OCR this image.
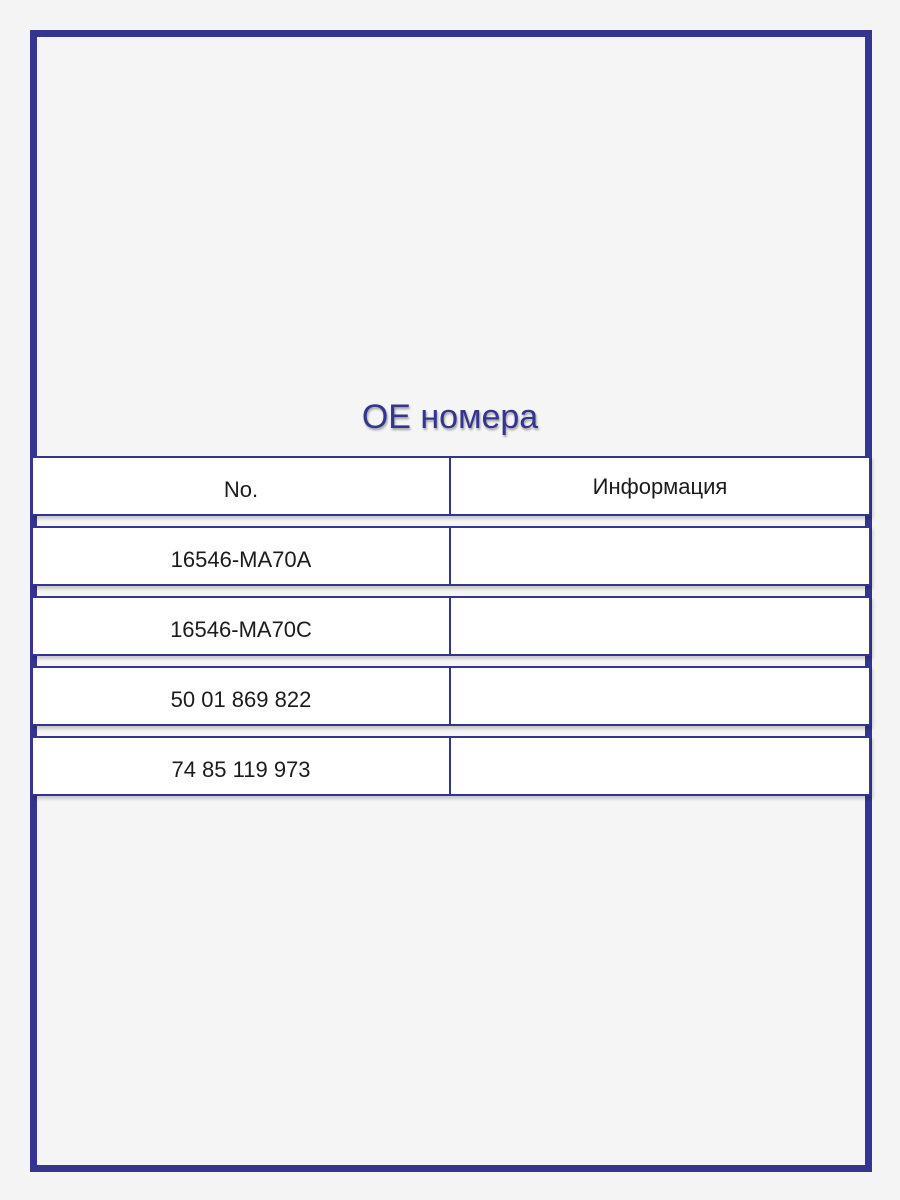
OE номера
No.	Информация
16546-MA70A
16546-MA70C
50 01 869 822
74 85 119 973
